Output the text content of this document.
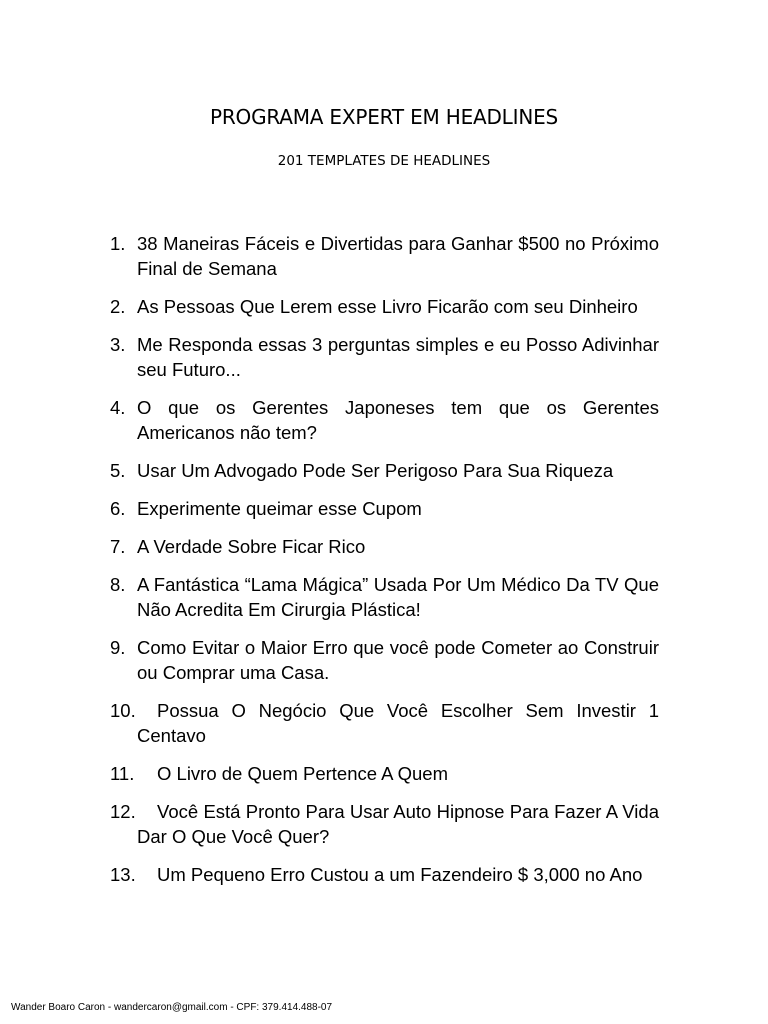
PROGRAMA EXPERT EM HEADLINES
201 TEMPLATES DE HEADLINES
1. 38 Maneiras Fáceis e Divertidas para Ganhar $500 no Próximo Final de Semana
2. As Pessoas Que Lerem esse Livro Ficarão com seu Dinheiro
3. Me Responda essas 3 perguntas simples e eu Posso Adivinhar seu Futuro...
4. O que os Gerentes Japoneses tem que os Gerentes Americanos não tem?
5. Usar Um Advogado Pode Ser Perigoso Para Sua Riqueza
6. Experimente queimar esse Cupom
7. A Verdade Sobre Ficar Rico
8. A Fantástica “Lama Mágica” Usada Por Um Médico Da TV Que Não Acredita Em Cirurgia Plástica!
9. Como Evitar o Maior Erro que você pode Cometer ao Construir ou Comprar uma Casa.
10.	Possua O Negócio Que Você Escolher Sem Investir 1 Centavo
11.	O Livro de Quem Pertence A Quem
12.	Você Está Pronto Para Usar Auto Hipnose Para Fazer A Vida Dar O Que Você Quer?
13.	Um Pequeno Erro Custou a um Fazendeiro $ 3,000 no Ano
Wander Boaro Caron - wandercaron@gmail.com - CPF: 379.414.488-07
